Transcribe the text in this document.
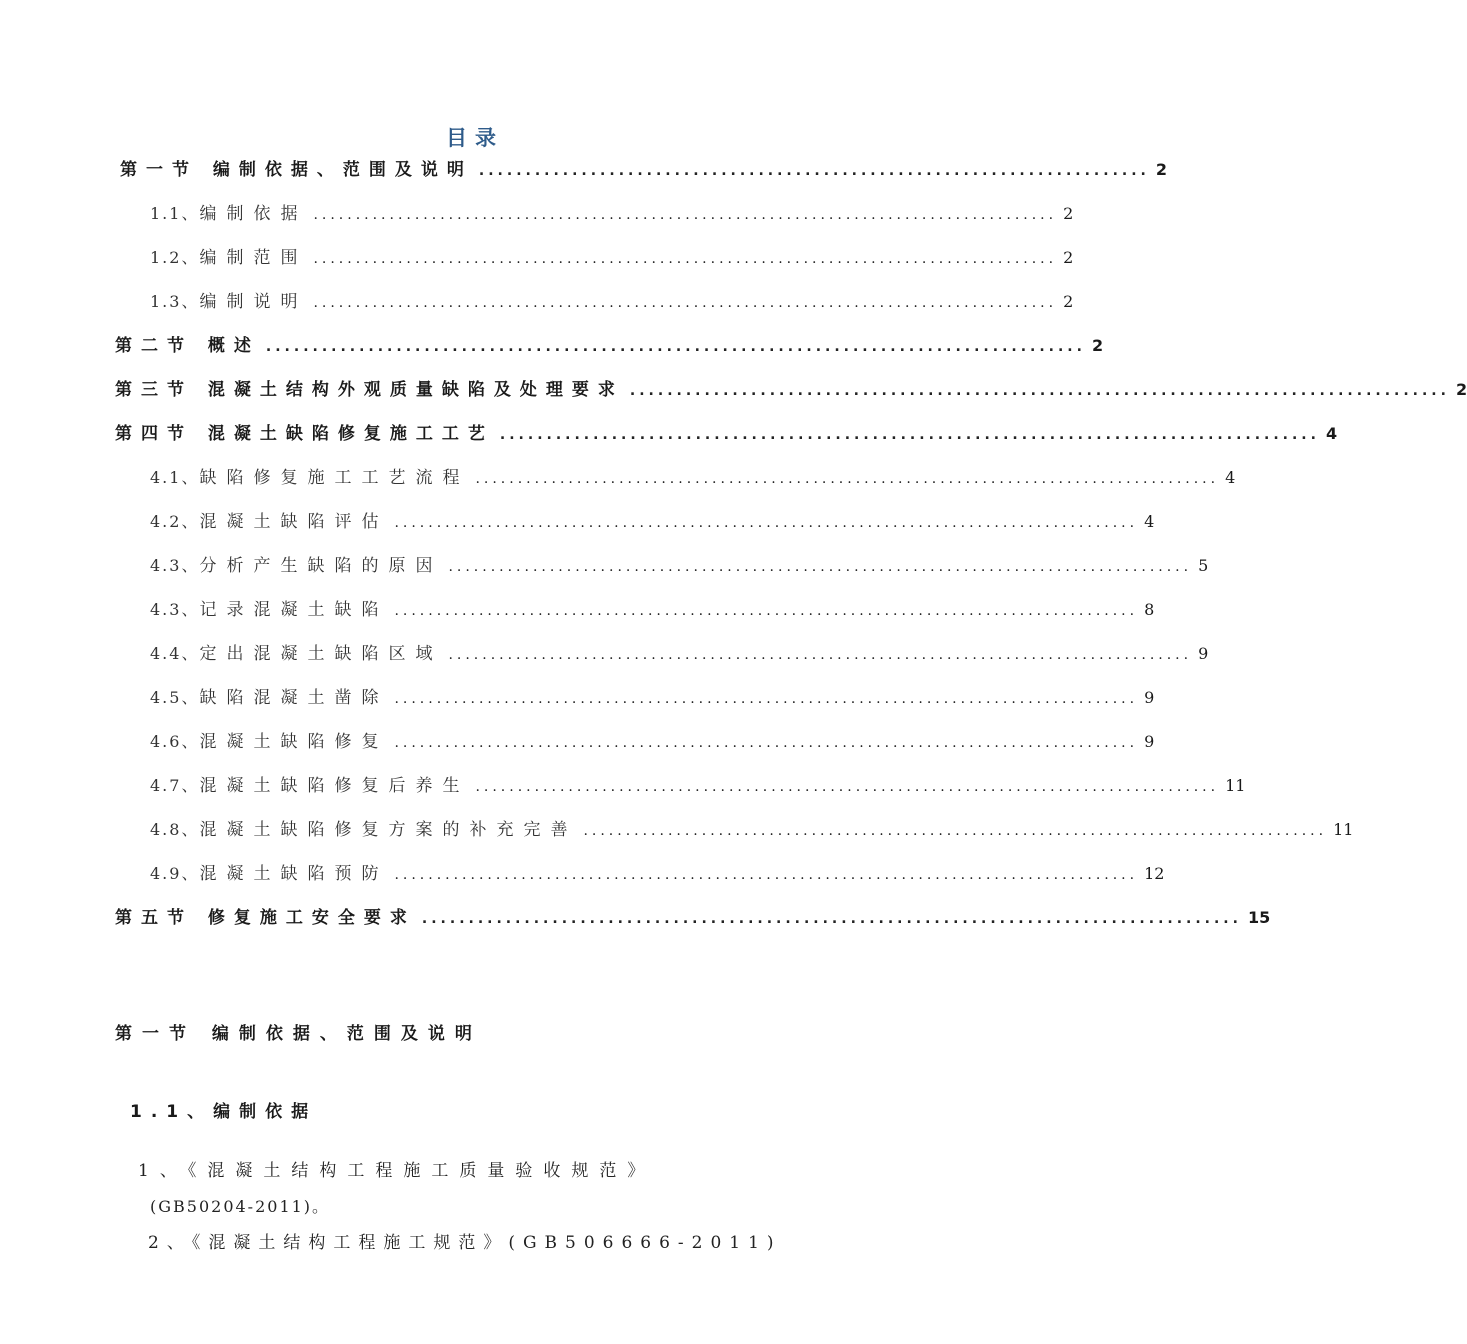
目录
第一节 编制依据、范围及说明 ........................................................................ 2
1.1、 编制依据 ........................................................................................ 2
1.2、 编制范围 ........................................................................................ 2
1.3、 编制说明 ........................................................................................ 2
第二节 概述 ........................................................................................ 2
第三节 混凝土结构外观质量缺陷及处理要求 ........................................................................................ 2
第四节 混凝土缺陷修复施工工艺 ........................................................................................ 4
4.1、 缺陷修复施工工艺流程 ........................................................................................ 4
4.2、 混凝土缺陷评估 ........................................................................................ 4
4.3、 分析产生缺陷的原因 ........................................................................................ 5
4.3、 记录混凝土缺陷 ........................................................................................ 8
4.4、 定出混凝土缺陷区域 ........................................................................................ 9
4.5、 缺陷混凝土凿除 ........................................................................................ 9
4.6、 混凝土缺陷修复 ........................................................................................ 9
4.7、 混凝土缺陷修复后养生 ........................................................................................ 11
4.8、 混凝土缺陷修复方案的补充完善 ........................................................................................ 11
4.9、 混凝土缺陷预防 ........................................................................................ 12
第五节 修复施工安全要求 ........................................................................................ 15
第一节 编制依据、范围及说明
1.1、编制依据
1、《混凝土结构工程施工质量验收规范》
(GB50204-2011)。
2、《混凝土结构工程施工规范》(GB506666-2011)
